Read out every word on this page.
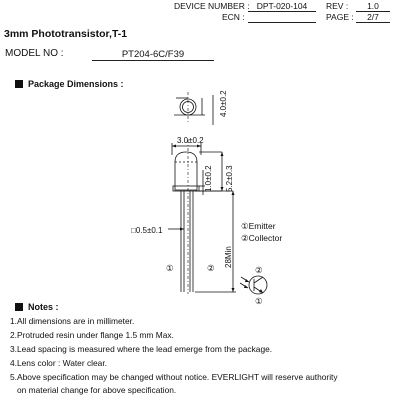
DEVICE NUMBER : DPT-020-104	REV :	1.0
ECN :	PAGE :	2/7
3mm Phototransistor,T-1
MODEL NO :	PT204-6C/F39
Package Dimensions :
4.0±0.2
3.0±0.2
1.0±0.2 5.2±0.3
□0.5±0.1
28Min
①	②
①Emitter
②Collector
②
①
Notes :
1.All dimensions are in millimeter.
2.Protruded resin under flange 1.5 mm Max.
3.Lead spacing is measured where the lead emerge from the package.
4.Lens color : Water clear.
5.Above specification may be changed without notice. EVERLIGHT will reserve authority
on material change for above specification.
